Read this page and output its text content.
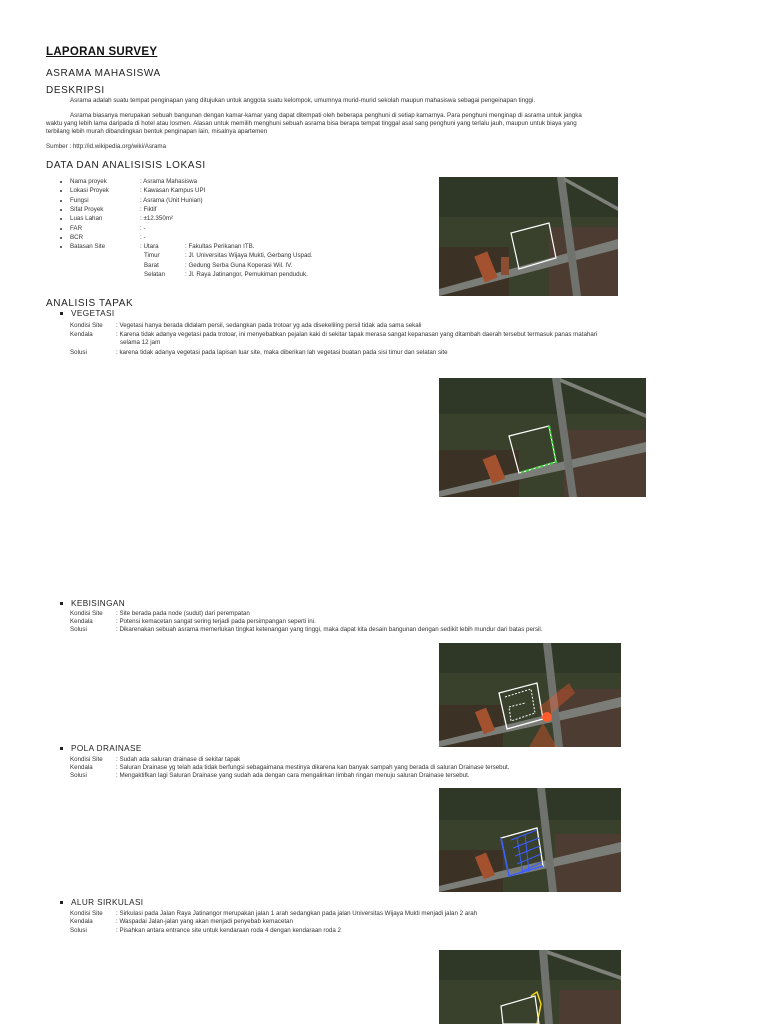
LAPORAN SURVEY
ASRAMA MAHASISWA
DESKRIPSI
Asrama adalah suatu tempat penginapan yang ditujukan untuk anggota suatu kelompok, umumnya murid-murid sekolah maupun mahasiswa sebagai pengeinapan tinggi.
Asrama biasanya merupakan sebuah bangunan dengan kamar-kamar yang dapat ditempati oleh beberapa penghuni di setiap kamarnya. Para penghuni menginap di asrama untuk jangka
waktu yang lebih lama daripada di hotel atau losmen. Alasan untuk memilih menghuni sebuah asrama bisa berapa tempat tinggal asal sang penghuni yang terlalu jauh, maupun untuk biaya yang
terbilang lebih murah dibandingkan bentuk penginapan lain, misalnya apartemen
Sumber : http://id.wikipedia.org/wiki/Asrama
DATA DAN ANALISISIS LOKASI
Nama proyek	: Asrama Mahasiswa
Lokasi Proyek	: Kawasan Kampus UPI
Fungsi	: Asrama (Unit Hunian)
Sifat Proyek	: Fiktif
Luas Lahan	: ±12.350m²
FAR	: -
BCR	: -
Batasan Site	: Utara	: Fakultas Perikanan ITB.
Timur	: Jl. Universitas Wijaya Mukti, Gerbang Uspad.
Barat	: Gedung Serba Guna Koperasi Wil. IV.
Selatan	: Jl. Raya Jatinangor, Pemukiman penduduk.
ANALISIS TAPAK
VEGETASI
Kondisi Site : Vegetasi hanya berada didalam persil, sedangkan pada trotoar yg ada disekeliling persil tidak ada sama sekali
Kendala	: Karena tidak adanya vegetasi pada trotoar, ini menyebabkan pejalan kaki di sekitar tapak merasa sangat kepanasan yang ditambah daerah tersebut termasuk panas matahari
selama 12 jam
Solusi	: karena tidak adanya vegetasi pada lapisan luar site, maka diberikan lah vegetasi buatan pada sisi timur dan selatan site
KEBISINGAN
Kondisi Site : Site berada pada node (sudut) dari perempatan
Kendala	: Potensi kemacetan sangat sering terjadi pada persimpangan seperti ini.
Solusi	: Dikarenakan sebuah asrama memerlukan tingkat ketenangan yang tinggi, maka dapat kita desain bangunan dengan sedikit lebih mundur dari batas persil.
POLA DRAINASE
Kondisi Site : Sudah ada saluran drainase di sekitar tapak
Kendala	: Saluran Drainase yg telah ada tidak berfungsi sebagaimana mestinya dikarena kan banyak sampah yang berada di saluran Drainase tersebut.
Solusi	: Mengaktifkan lagi Saluran Drainase yang sudah ada dengan cara mengalirkan limbah ringan menuju saluran Drainase tersebut.
ALUR SIRKULASI
Kondisi Site : Sirkulasi pada Jalan Raya Jatinangor merupakan jalan 1 arah sedangkan pada jalan Universitas Wijaya Mukti menjadi jalan 2 arah
Kendala	: Waspadai Jalan-jalan yang akan menjadi penyebab kemacetan
Solusi	: Pisahkan antara entrance site untuk kendaraan roda 4 dengan kendaraan roda 2
